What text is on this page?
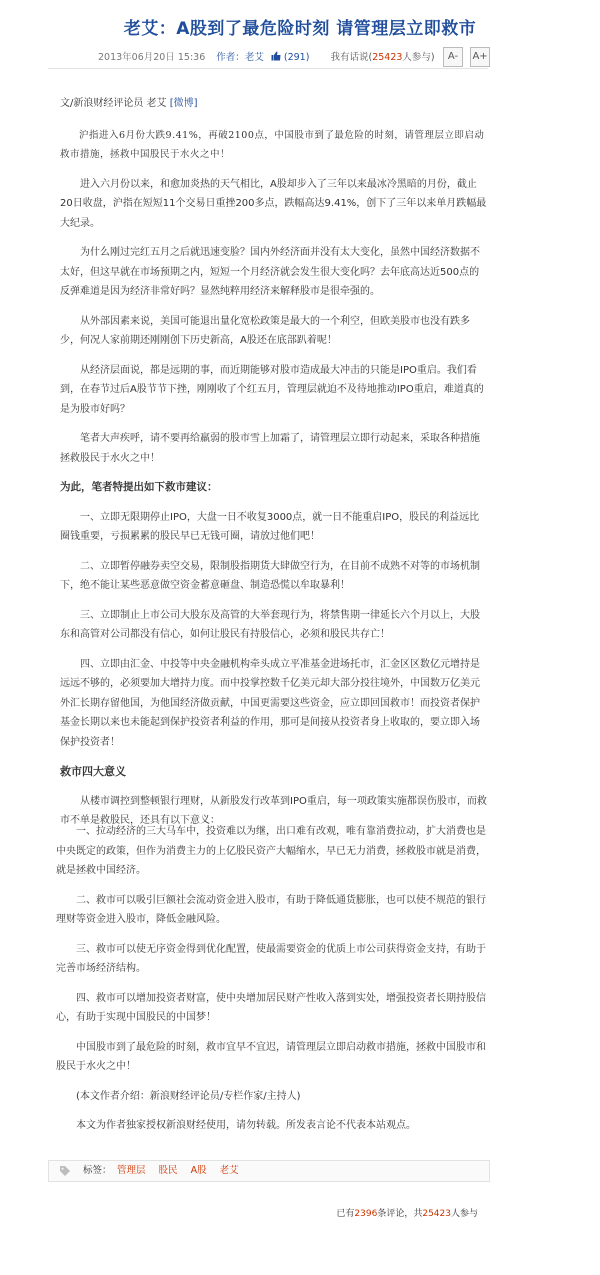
老艾：A股到了最危险时刻 请管理层立即救市
2013年06月20日 15:36 作者：老艾 (291) 我有话说(25423人参与)	A- A+

文/新浪财经评论员 老艾 [微博]

沪指进入6月份大跌9.41%，再破2100点，中国股市到了最危险的时刻，请管理层立即启动救市措施，拯救中国股民于水火之中！

进入六月份以来，和愈加炎热的天气相比，A股却步入了三年以来最冰冷黑暗的月份，截止20日收盘，沪指在短短11个交易日重挫200多点，跌幅高达9.41%，创下了三年以来单月跌幅最大纪录。

为什么刚过完红五月之后就迅速变脸？国内外经济面并没有太大变化，虽然中国经济数据不太好，但这早就在市场预期之内，短短一个月经济就会发生很大变化吗？去年底高达近500点的反弹难道是因为经济非常好吗？显然纯粹用经济来解释股市是很牵强的。

从外部因素来说，美国可能退出量化宽松政策是最大的一个利空，但欧美股市也没有跌多少，何况人家前期还刚刚创下历史新高，A股还在底部趴着呢！

从经济层面说，都是远期的事，而近期能够对股市造成最大冲击的只能是IPO重启。我们看到，在春节过后A股节节下挫，刚刚收了个红五月，管理层就迫不及待地推动IPO重启，难道真的是为股市好吗？

笔者大声疾呼，请不要再给羸弱的股市雪上加霜了，请管理层立即行动起来，采取各种措施拯救股民于水火之中！

为此，笔者特提出如下救市建议：

一、立即无限期停止IPO，大盘一日不收复3000点，就一日不能重启IPO，股民的利益远比圈钱重要，亏损累累的股民早已无钱可圈，请放过他们吧！

二、立即暂停融券卖空交易，限制股指期货大肆做空行为，在目前不成熟不对等的市场机制下，绝不能让某些恶意做空资金蓄意砸盘、制造恐慌以牟取暴利！

三、立即制止上市公司大股东及高管的大举套现行为，将禁售期一律延长六个月以上，大股东和高管对公司都没有信心，如何让股民有持股信心，必须和股民共存亡！

四、立即由汇金、中投等中央金融机构牵头成立平准基金进场托市，汇金区区数亿元增持是远远不够的，必须要加大增持力度。而中投掌控数千亿美元却大部分投往境外，中国数万亿美元外汇长期存留他国，为他国经济做贡献，中国更需要这些资金，应立即回国救市！而投资者保护基金长期以来也未能起到保护投资者利益的作用，那可是间接从投资者身上收取的，要立即入场保护投资者！

救市四大意义

从楼市调控到整顿银行理财，从新股发行改革到IPO重启，每一项政策实施都误伤股市，而救市不单是救股民，还具有以下意义：

一、拉动经济的三大马车中，投资难以为继，出口难有改观，唯有靠消费拉动，扩大消费也是中央既定的政策，但作为消费主力的上亿股民资产大幅缩水，早已无力消费，拯救股市就是消费，就是拯救中国经济。

二、救市可以吸引巨额社会流动资金进入股市，有助于降低通货膨胀，也可以使不规范的银行理财等资金进入股市，降低金融风险。

三、救市可以使无序资金得到优化配置，使最需要资金的优质上市公司获得资金支持，有助于完善市场经济结构。

四、救市可以增加投资者财富，使中央增加居民财产性收入落到实处，增强投资者长期持股信心，有助于实现中国股民的中国梦！

中国股市到了最危险的时刻，救市宜早不宜迟，请管理层立即启动救市措施，拯救中国股市和股民于水火之中！

(本文作者介绍：新浪财经评论员/专栏作家/主持人)

本文为作者独家授权新浪财经使用，请勿转载。所发表言论不代表本站观点。

标签： 管理层 股民 A股 老艾
已有2396条评论，共25423人参与
